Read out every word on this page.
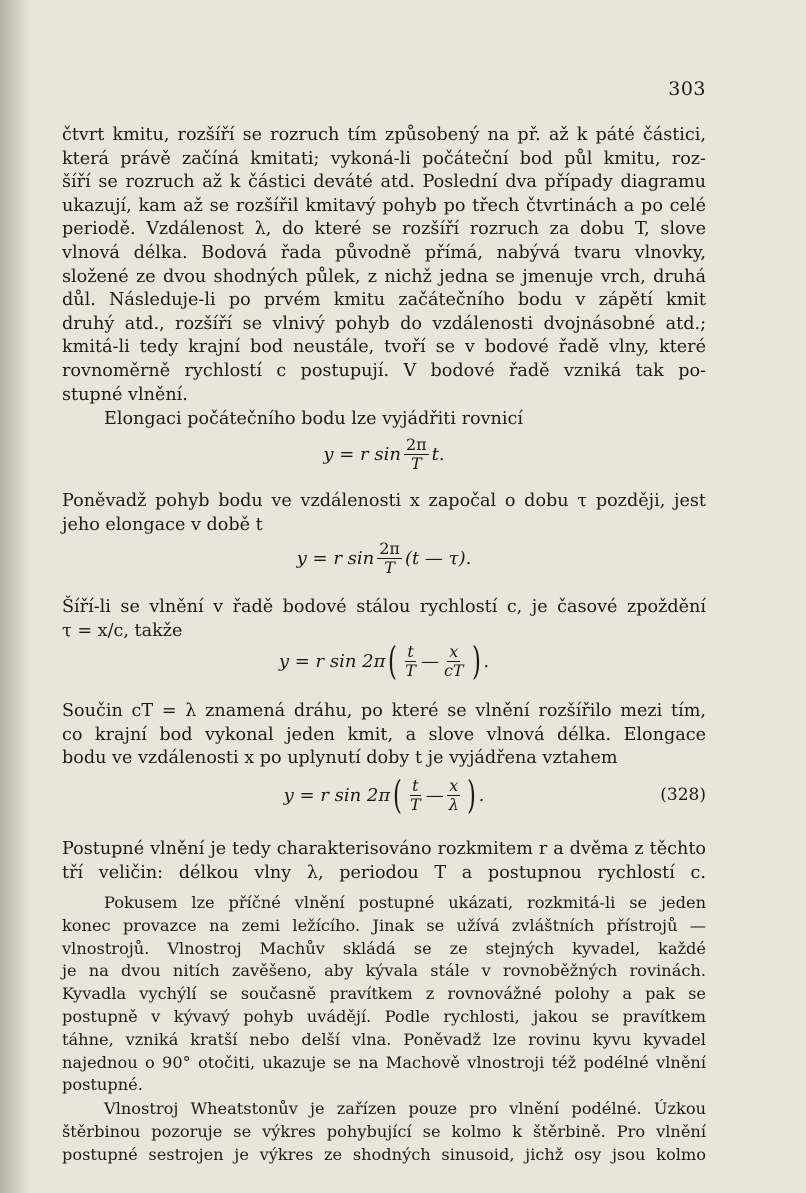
303

čtvrt kmitu, rozšíří se rozruch tím způsobený na př. až k páté částici,

která právě začíná kmitati; vykoná-li počáteční bod půl kmitu, roz-

šíří se rozruch až k částici deváté atd. Poslední dva případy diagramu

ukazují, kam až se rozšířil kmitavý pohyb po třech čtvrtinách a po celé

periodě. Vzdálenost λ, do které se rozšíří rozruch za dobu T, slove

vlnová délka. Bodová řada původně přímá, nabývá tvaru vlnovky,

složené ze dvou shodných půlek, z nichž jedna se jmenuje vrch, druhá

důl. Následuje-li po prvém kmitu začátečního bodu v zápětí kmit

druhý atd., rozšíří se vlnivý pohyb do vzdálenosti dvojnásobné atd.;

kmitá-li tedy krajní bod neustále, tvoří se v bodové řadě vlny, které

rovnoměrně rychlostí c postupují. V bodové řadě vzniká tak po-

stupné vlnění.

Elongaci počátečního bodu lze vyjádřiti rovnicí

y = r $\sin \frac{2\pi}{T} t$.

Poněvadž pohyb bodu ve vzdálenosti x započal o dobu τ později, jest

jeho elongace v době t

y = r $\sin \frac{2\pi}{T} (t$ — τ).

Šíří-li se vlnění v řadě bodové stálou rychlostí c, je časové zpoždění

τ = x/c, takže

y = r sin 2π ( $\frac{t}{T}$ — $\frac{x}{cT}$ ) .

Součin cT = λ znamená dráhu, po které se vlnění rozšířilo mezi tím,

co krajní bod vykonal jeden kmit, a slove vlnová délka. Elongace

bodu ve vzdálenosti x po uplynutí doby t je vyjádřena vztahem

y = r sin 2π ( $\frac{t}{T}$ — $\frac{x}{\lambda}$ ) .	(328)

Postupné vlnění je tedy charakterisováno rozkmitem r a dvěma z těchto

tří veličin: délkou vlny λ, periodou T a postupnou rychlostí c.

Pokusem lze příčné vlnění postupné ukázati, rozkmitá-li se jeden

konec provazce na zemi ležícího. Jinak se užívá zvláštních přístrojů —

vlnostrojů. Vlnostroj Machův skládá se ze stejných kyvadel, každé

je na dvou nitích zavěšeno, aby kývala stále v rovnoběžných rovinách.

Kyvadla vychýlí se současně pravítkem z rovnovážné polohy a pak se

postupně v kývavý pohyb uvádějí. Podle rychlosti, jakou se pravítkem

táhne, vzniká kratší nebo delší vlna. Poněvadž lze rovinu kyvu kyvadel

najednou o 90° otočiti, ukazuje se na Machově vlnostroji též podélné vlnění

postupné.

Vlnostroj Wheatstonův je zařízen pouze pro vlnění podélné. Úzkou

štěrbinou pozoruje se výkres pohybující se kolmo k štěrbině. Pro vlnění

postupné sestrojen je výkres ze shodných sinusoid, jichž osy jsou kolmo
